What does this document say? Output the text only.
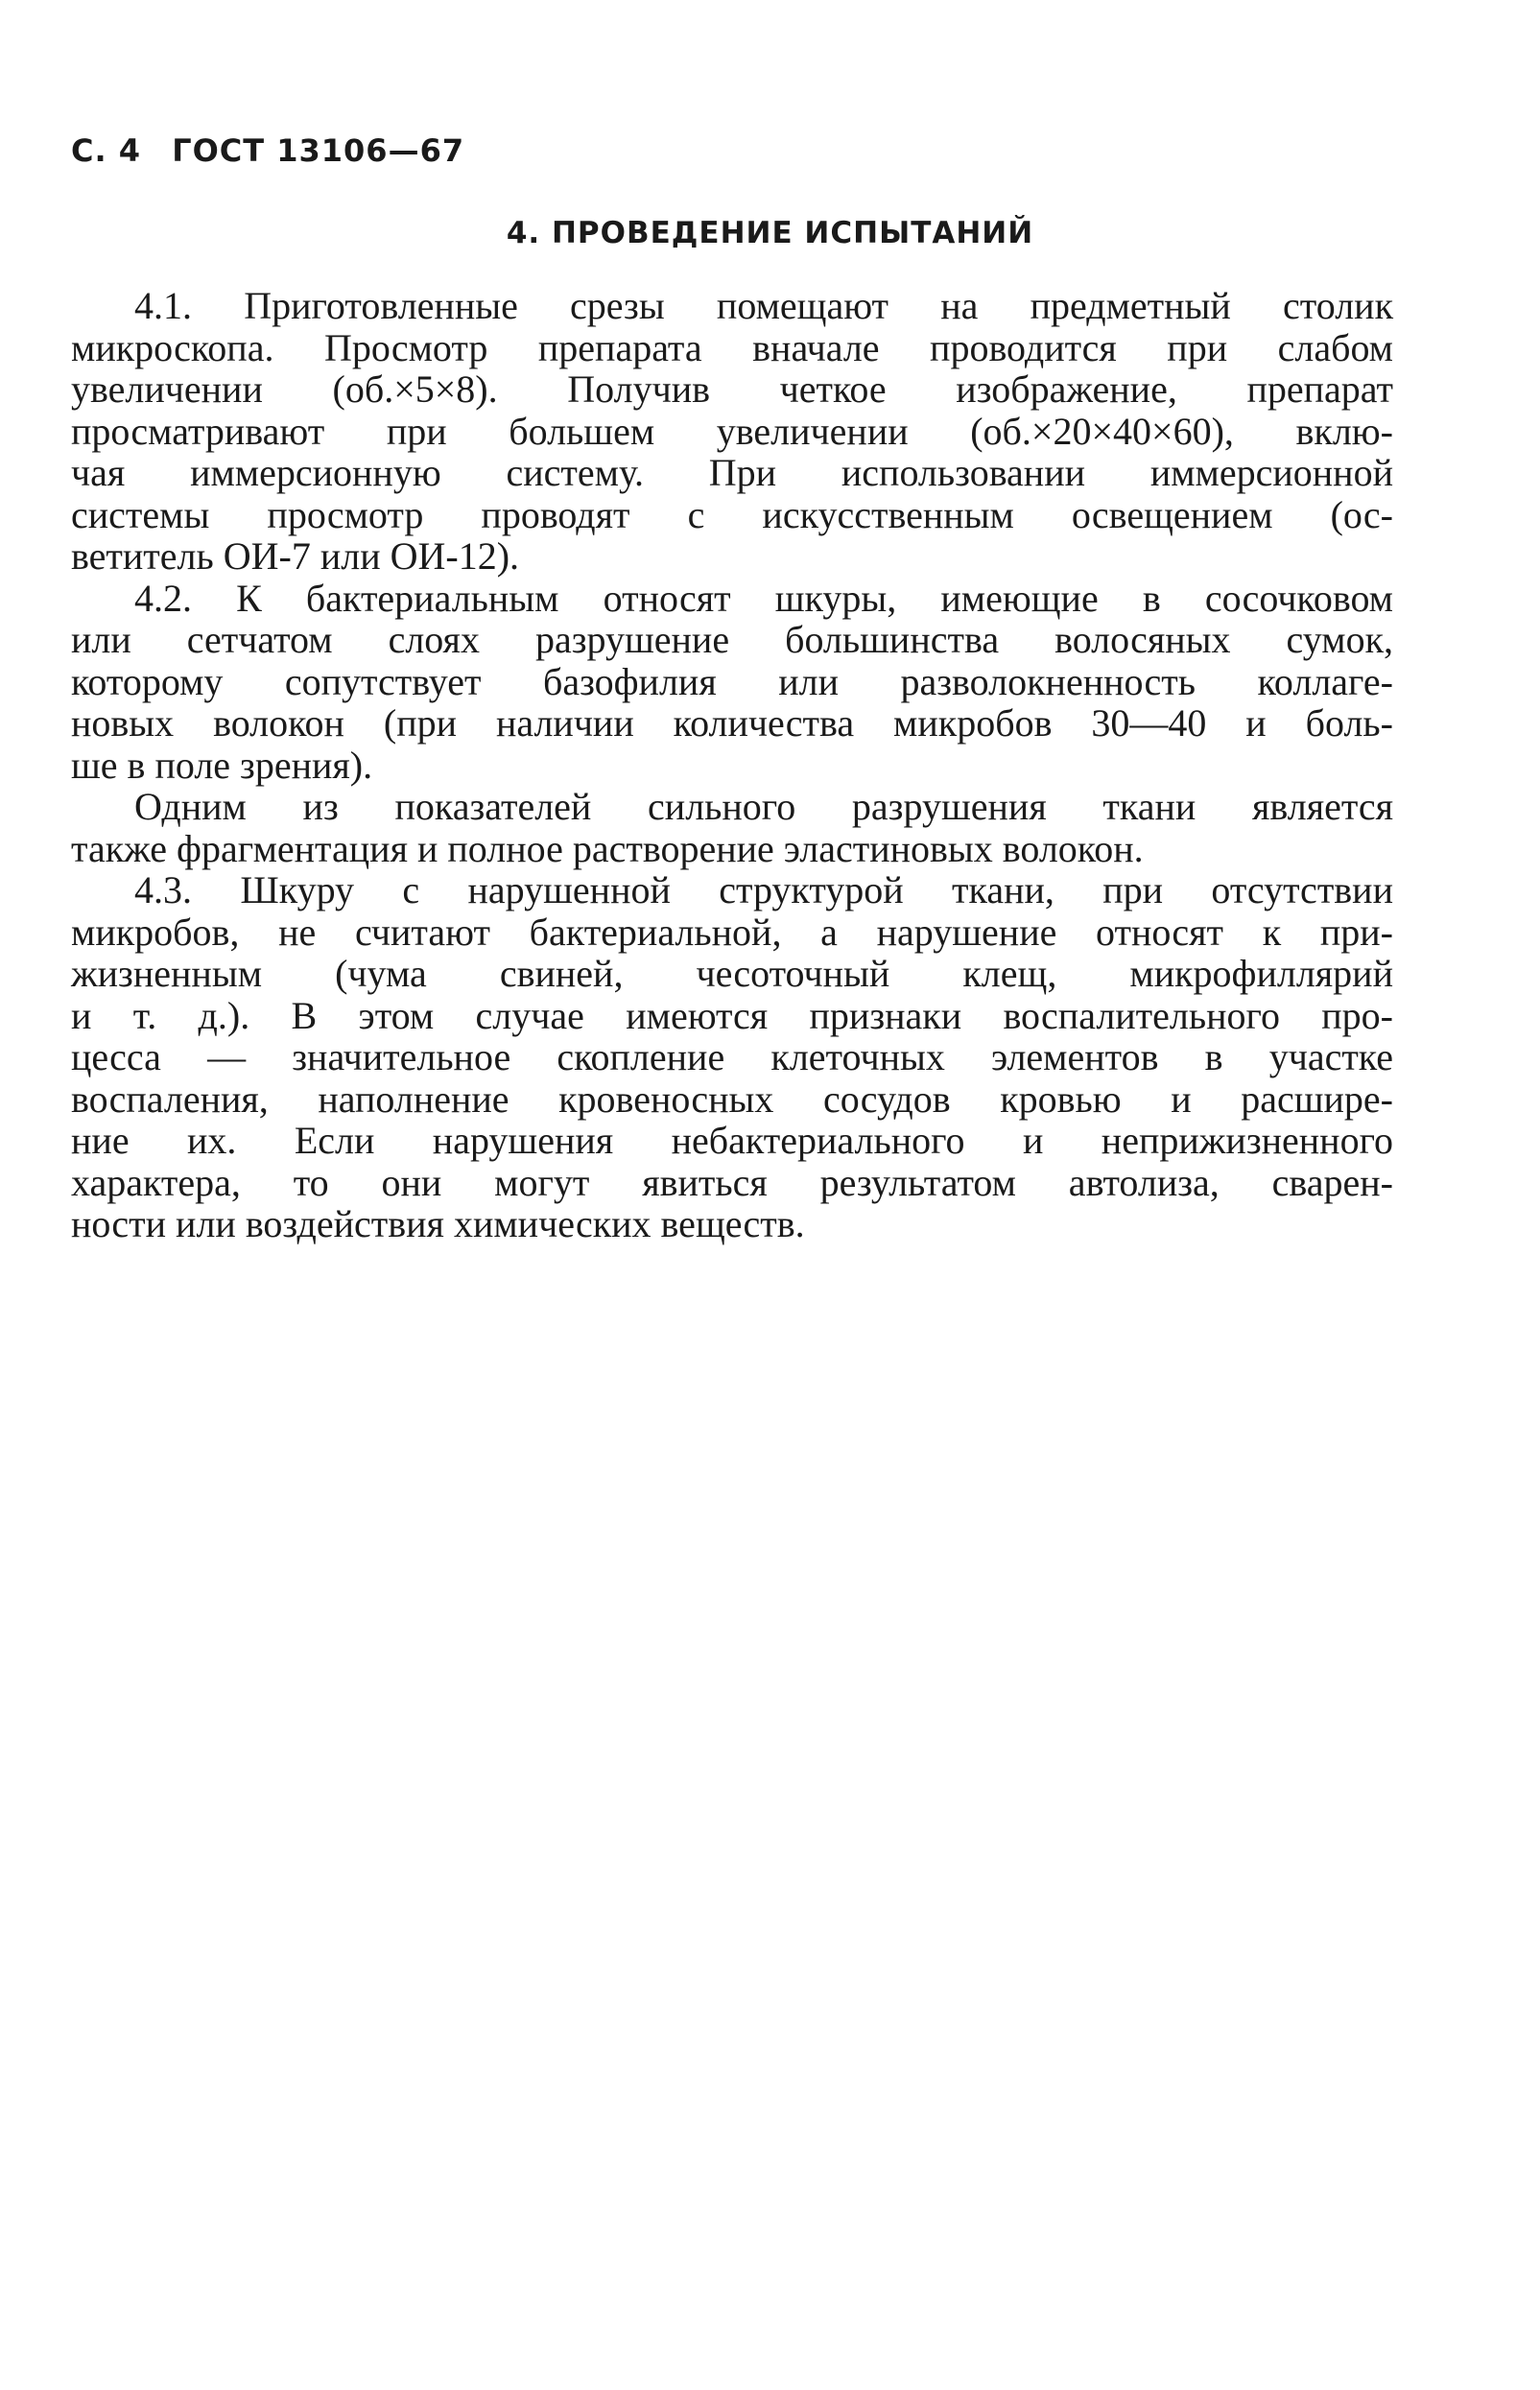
С. 4 ГОСТ 13106—67
4. ПРОВЕДЕНИЕ ИСПЫТАНИЙ
4.1. Приготовленные срезы помещают на предметный столик
микроскопа. Просмотр препарата вначале проводится при слабом
увеличении (об.×5×8). Получив четкое изображение, препарат
просматривают при большем увеличении (об.×20×40×60), вклю-
чая иммерсионную систему. При использовании иммерсионной
системы просмотр проводят с искусственным освещением (ос-
ветитель ОИ-7 или ОИ-12).
4.2. К бактериальным относят шкуры, имеющие в сосочковом
или сетчатом слоях разрушение большинства волосяных сумок,
которому сопутствует базофилия или разволокненность коллаге-
новых волокон (при наличии количества микробов 30—40 и боль-
ше в поле зрения).
Одним из показателей сильного разрушения ткани является
также фрагментация и полное растворение эластиновых волокон.
4.3. Шкуру с нарушенной структурой ткани, при отсутствии
микробов, не считают бактериальной, а нарушение относят к при-
жизненным (чума свиней, чесоточный клещ, микрофиллярий
и т. д.). В этом случае имеются признаки воспалительного про-
цесса — значительное скопление клеточных элементов в участке
воспаления, наполнение кровеносных сосудов кровью и расшире-
ние их. Если нарушения небактериального и неприжизненного
характера, то они могут явиться результатом автолиза, сварен-
ности или воздействия химических веществ.
